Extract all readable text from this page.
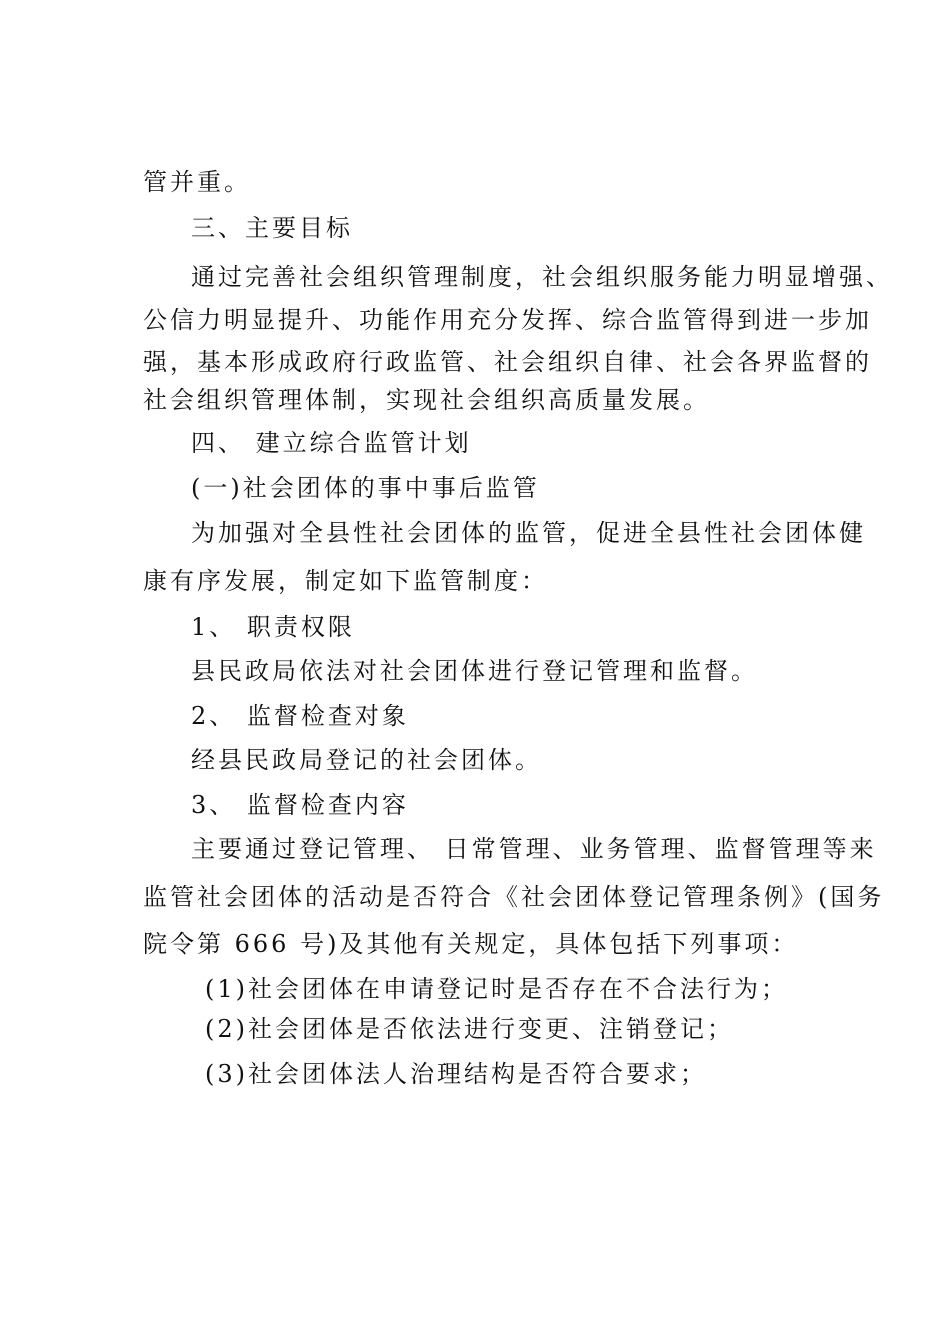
管并重。
三、主要目标
通过完善社会组织管理制度，社会组织服务能力明显增强、
公信力明显提升、功能作用充分发挥、综合监管得到进一步加
强，基本形成政府行政监管、社会组织自律、社会各界监督的
社会组织管理体制，实现社会组织高质量发展。
四、 建立综合监管计划
(一)社会团体的事中事后监管
为加强对全县性社会团体的监管，促进全县性社会团体健
康有序发展，制定如下监管制度：
1、 职责权限
县民政局依法对社会团体进行登记管理和监督。
2、 监督检查对象
经县民政局登记的社会团体。
3、 监督检查内容
主要通过登记管理、 日常管理、业务管理、监督管理等来
监管社会团体的活动是否符合《社会团体登记管理条例》(国务
院令第 666 号)及其他有关规定，具体包括下列事项：
(1)社会团体在申请登记时是否存在不合法行为；
(2)社会团体是否依法进行变更、注销登记；
(3)社会团体法人治理结构是否符合要求；
